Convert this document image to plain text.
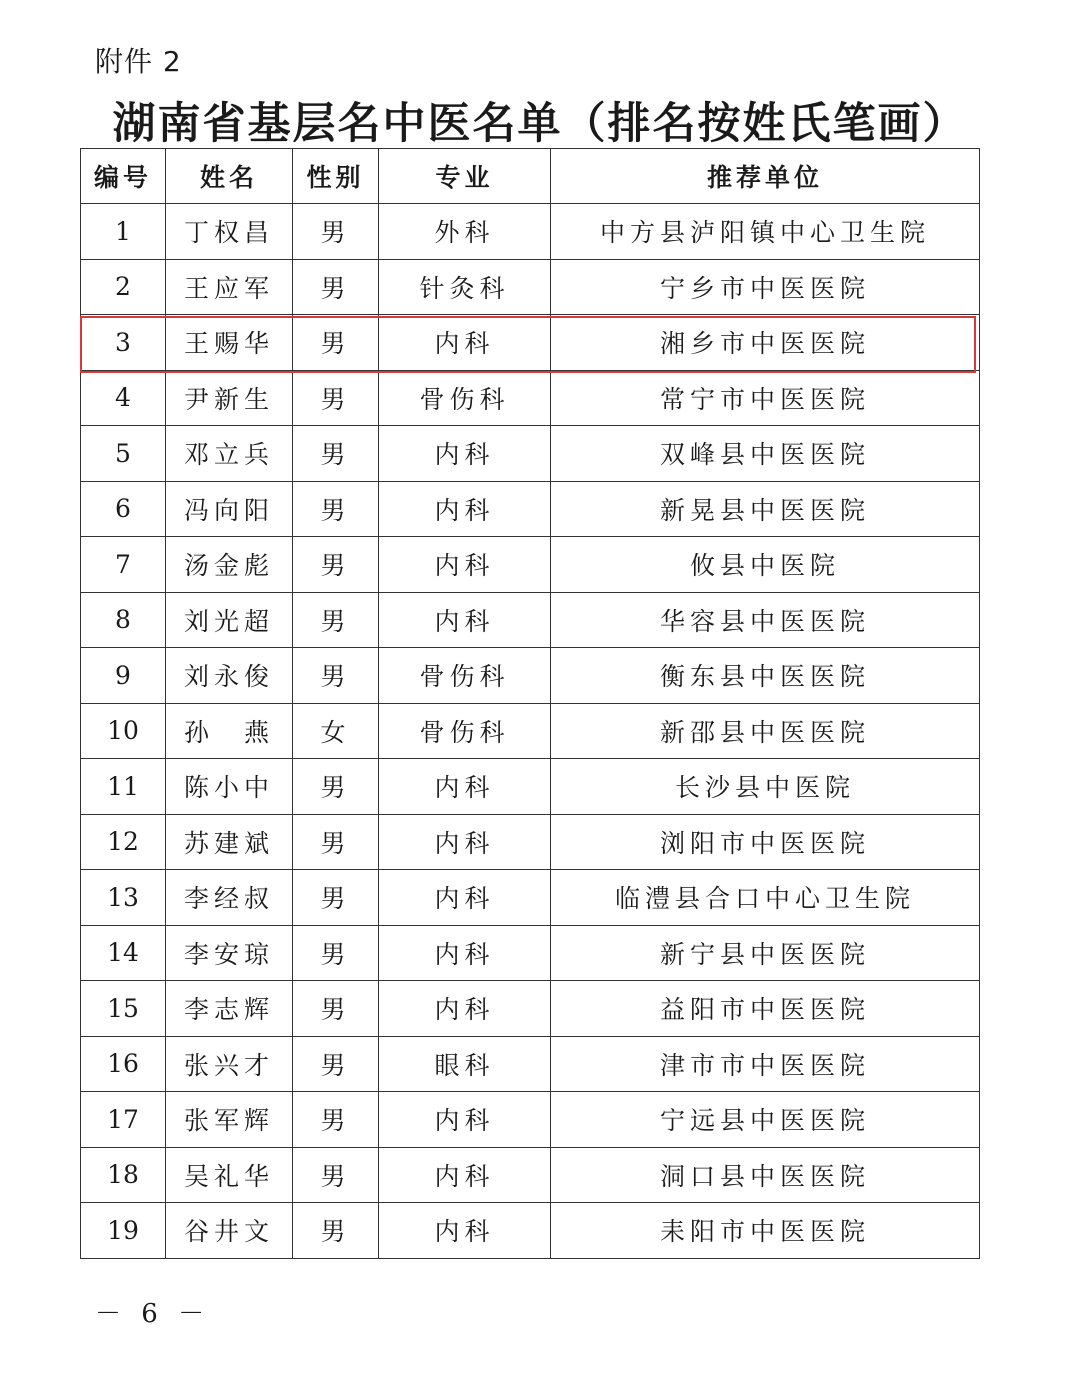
附件 2
湖南省基层名中医名单（排名按姓氏笔画）
编号	姓名	性别	专业	推荐单位
1	丁权昌	男	外科	中方县泸阳镇中心卫生院
2	王应军	男	针灸科	宁乡市中医医院
3	王赐华	男	内科	湘乡市中医医院
4	尹新生	男	骨伤科	常宁市中医医院
5	邓立兵	男	内科	双峰县中医医院
6	冯向阳	男	内科	新晃县中医医院
7	汤金彪	男	内科	攸县中医院
8	刘光超	男	内科	华容县中医医院
9	刘永俊	男	骨伤科	衡东县中医医院
10	孙　燕	女	骨伤科	新邵县中医医院
11	陈小中	男	内科	长沙县中医院
12	苏建斌	男	内科	浏阳市中医医院
13	李经叔	男	内科	临澧县合口中心卫生院
14	李安琼	男	内科	新宁县中医医院
15	李志辉	男	内科	益阳市中医医院
16	张兴才	男	眼科	津市市中医医院
17	张军辉	男	内科	宁远县中医医院
18	吴礼华	男	内科	洞口县中医医院
19	谷井文	男	内科	耒阳市中医医院
－ 6 －
